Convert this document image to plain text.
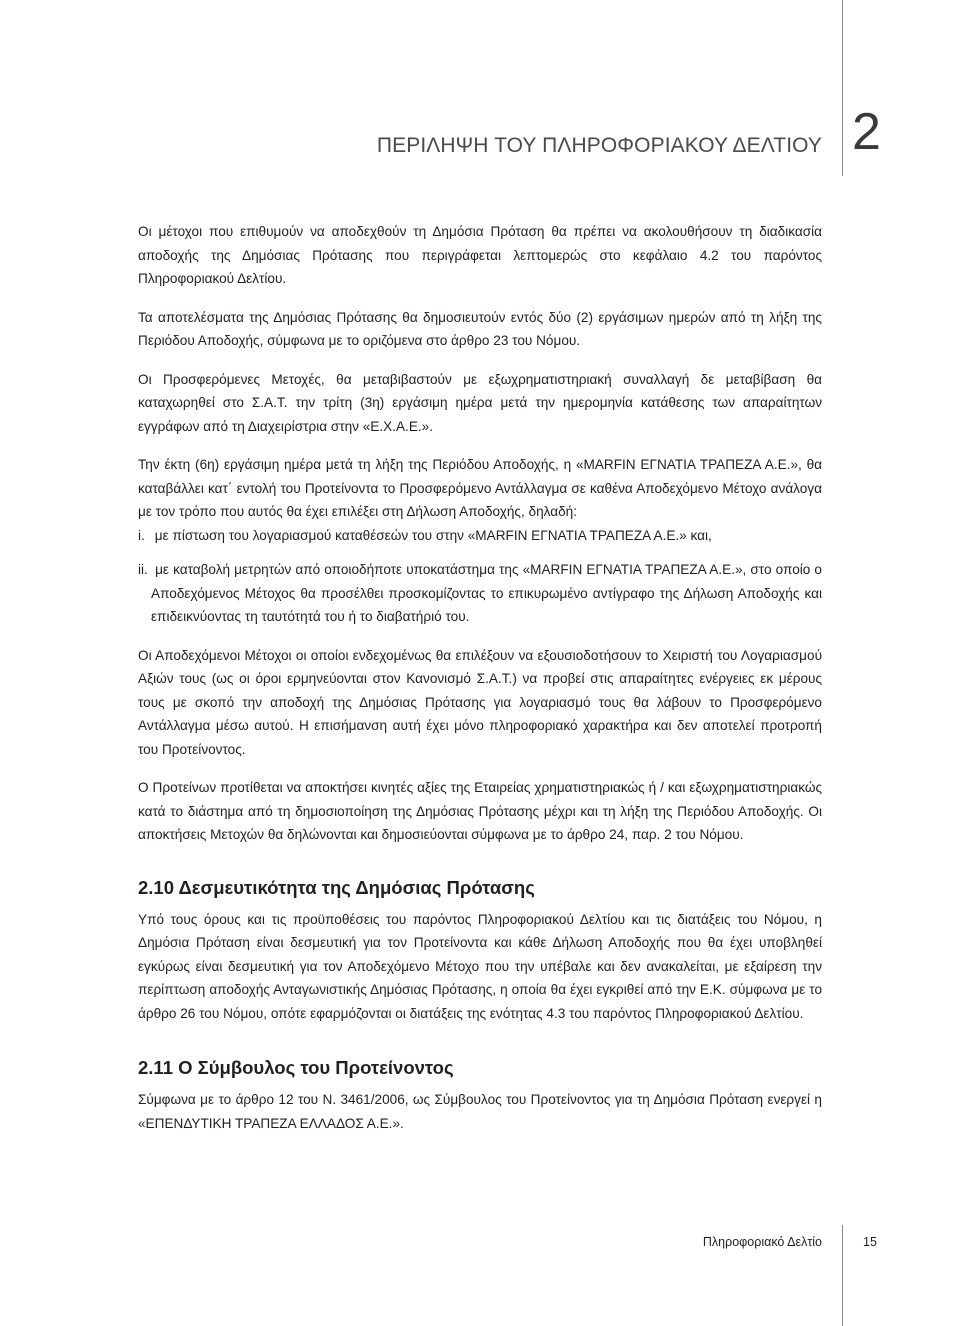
ΠΕΡΙΛΗΨΗ ΤΟΥ ΠΛΗΡΟΦΟΡΙΑΚΟΥ ΔΕΛΤΙΟΥ 2

Οι μέτοχοι που επιθυμούν να αποδεχθούν τη Δημόσια Πρόταση θα πρέπει να ακολουθήσουν τη διαδικασία αποδοχής της Δημόσιας Πρότασης που περιγράφεται λεπτομερώς στο κεφάλαιο 4.2 του παρόντος Πληροφοριακού Δελτίου.

Τα αποτελέσματα της Δημόσιας Πρότασης θα δημοσιευτούν εντός δύο (2) εργάσιμων ημερών από τη λήξη της Περιόδου Αποδοχής, σύμφωνα με το οριζόμενα στο άρθρο 23 του Νόμου.

Οι Προσφερόμενες Μετοχές, θα μεταβιβαστούν με εξωχρηματιστηριακή συναλλαγή δε μεταβίβαση θα καταχωρηθεί στο Σ.Α.Τ. την τρίτη (3η) εργάσιμη ημέρα μετά την ημερομηνία κατάθεσης των απαραίτητων εγγράφων από τη Διαχειρίστρια στην «Ε.Χ.Α.Ε.».

Την έκτη (6η) εργάσιμη ημέρα μετά τη λήξη της Περιόδου Αποδοχής, η «MARFIN ΕΓΝΑΤΙΑ ΤΡΑΠΕΖΑ Α.Ε.», θα καταβάλλει κατ΄ εντολή του Προτείνοντα το Προσφερόμενο Αντάλλαγμα σε καθένα Αποδεχόμενο Μέτοχο ανάλογα με τον τρόπο που αυτός θα έχει επιλέξει στη Δήλωση Αποδοχής, δηλαδή:

i. με πίστωση του λογαριασμού καταθέσεών του στην «MARFIN ΕΓΝΑΤΙΑ ΤΡΑΠΕΖΑ Α.Ε.» και,

ii. με καταβολή μετρητών από οποιοδήποτε υποκατάστημα της «MARFIN ΕΓΝΑΤΙΑ ΤΡΑΠΕΖΑ Α.Ε.», στο οποίο ο Αποδεχόμενος Μέτοχος θα προσέλθει προσκομίζοντας το επικυρωμένο αντίγραφο της Δήλωση Αποδοχής και επιδεικνύοντας τη ταυτότητά του ή το διαβατήριό του.

Οι Αποδεχόμενοι Μέτοχοι οι οποίοι ενδεχομένως θα επιλέξουν να εξουσιοδοτήσουν το Χειριστή του Λογαριασμού Αξιών τους (ως οι όροι ερμηνεύονται στον Κανονισμό Σ.Α.Τ.) να προβεί στις απαραίτητες ενέργειες εκ μέρους τους με σκοπό την αποδοχή της Δημόσιας Πρότασης για λογαριασμό τους θα λάβουν το Προσφερόμενο Αντάλλαγμα μέσω αυτού. Η επισήμανση αυτή έχει μόνο πληροφοριακό χαρακτήρα και δεν αποτελεί προτροπή του Προτείνοντος.

Ο Προτείνων προτίθεται να αποκτήσει κινητές αξίες της Εταιρείας χρηματιστηριακώς ή / και εξωχρηματιστηριακώς κατά το διάστημα από τη δημοσιοποίηση της Δημόσιας Πρότασης μέχρι και τη λήξη της Περιόδου Αποδοχής. Οι αποκτήσεις Μετοχών θα δηλώνονται και δημοσιεύονται σύμφωνα με το άρθρο 24, παρ. 2 του Νόμου.

2.10 Δεσμευτικότητα της Δημόσιας Πρότασης

Υπό τους όρους και τις προϋποθέσεις του παρόντος Πληροφοριακού Δελτίου και τις διατάξεις του Νόμου, η Δημόσια Πρόταση είναι δεσμευτική για τον Προτείνοντα και κάθε Δήλωση Αποδοχής που θα έχει υποβληθεί εγκύρως είναι δεσμευτική για τον Αποδεχόμενο Μέτοχο που την υπέβαλε και δεν ανακαλείται, με εξαίρεση την περίπτωση αποδοχής Ανταγωνιστικής Δημόσιας Πρότασης, η οποία θα έχει εγκριθεί από την Ε.Κ. σύμφωνα με το άρθρο 26 του Νόμου, οπότε εφαρμόζονται οι διατάξεις της ενότητας 4.3 του παρόντος Πληροφοριακού Δελτίου.

2.11 Ο Σύμβουλος του Προτείνοντος

Σύμφωνα με το άρθρο 12 του Ν. 3461/2006, ως Σύμβουλος του Προτείνοντος για τη Δημόσια Πρόταση ενεργεί η «ΕΠΕΝΔΥΤΙΚΗ ΤΡΑΠΕΖΑ ΕΛΛΑΔΟΣ Α.Ε.».

Πληροφοριακό Δελτίο	15
